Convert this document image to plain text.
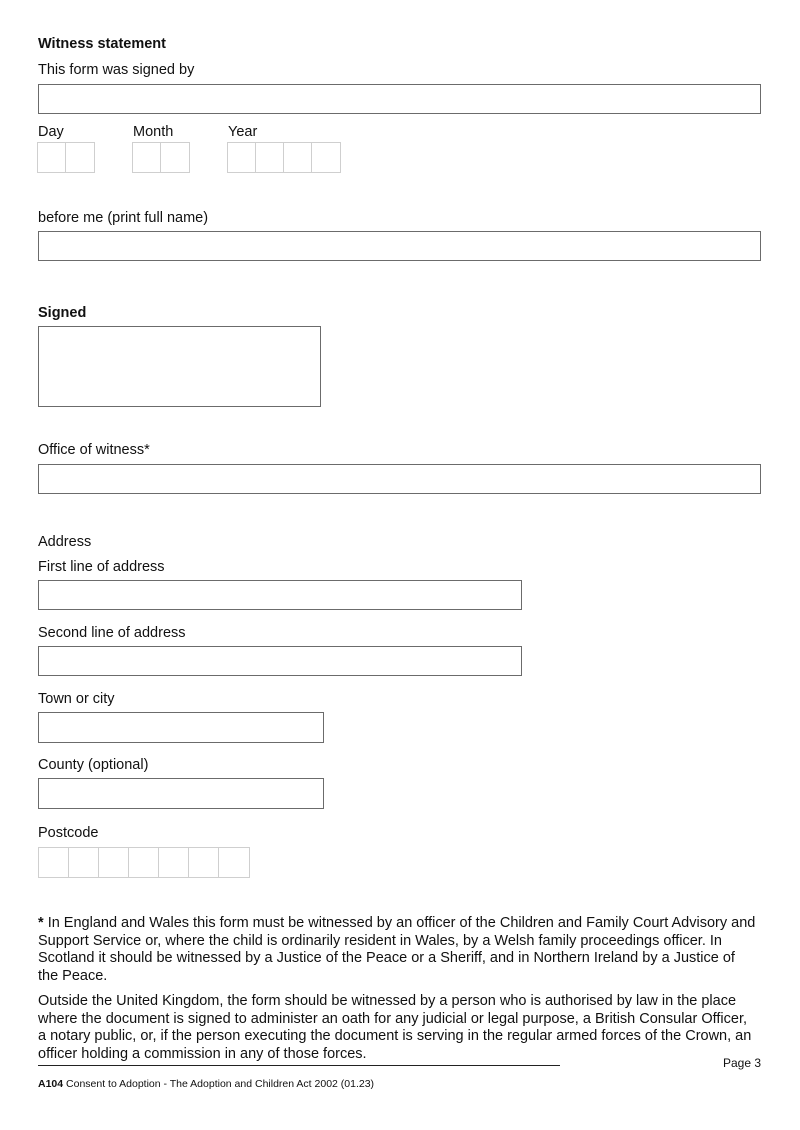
Witness statement
This form was signed by
Day	Month	Year
before me (print full name)
Signed
Office of witness*
Address
First line of address
Second line of address
Town or city
County (optional)
Postcode
* In England and Wales this form must be witnessed by an officer of the Children and Family Court Advisory and Support Service or, where the child is ordinarily resident in Wales, by a Welsh family proceedings officer. In Scotland it should be witnessed by a Justice of the Peace or a Sheriff, and in Northern Ireland by a Justice of the Peace.
Outside the United Kingdom, the form should be witnessed by a person who is authorised by law in the place where the document is signed to administer an oath for any judicial or legal purpose, a British Consular Officer, a notary public, or, if the person executing the document is serving in the regular armed forces of the Crown, an officer holding a commission in any of those forces.
Page 3
A104 Consent to Adoption - The Adoption and Children Act 2002 (01.23)
